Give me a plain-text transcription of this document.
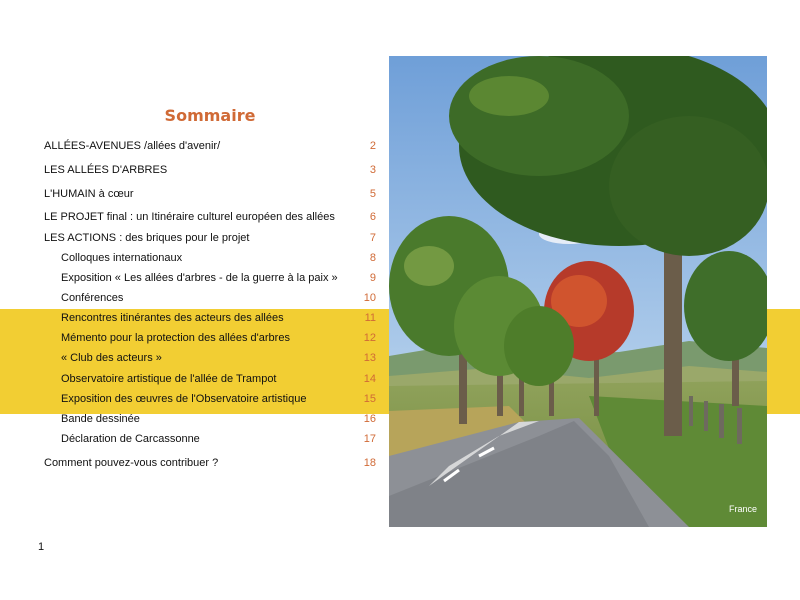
Sommaire
ALLÉES-AVENUES /allées d'avenir/	2
LES ALLÉES D'ARBRES	3
L'HUMAIN à cœur	5
LE PROJET final : un Itinéraire culturel européen des allées	6
LES ACTIONS : des briques pour le projet	7
Colloques internationaux	8
Exposition « Les allées d'arbres - de la guerre à la paix »	9
Conférences	10
Rencontres itinérantes des acteurs des allées	11
Mémento pour la protection des allées d'arbres	12
« Club des acteurs »	13
Observatoire artistique de l'allée de Trampot	14
Exposition des œuvres de l'Observatoire artistique	15
Bande dessinée	16
Déclaration de Carcassonne	17
Comment pouvez-vous contribuer ?	18
1
France
